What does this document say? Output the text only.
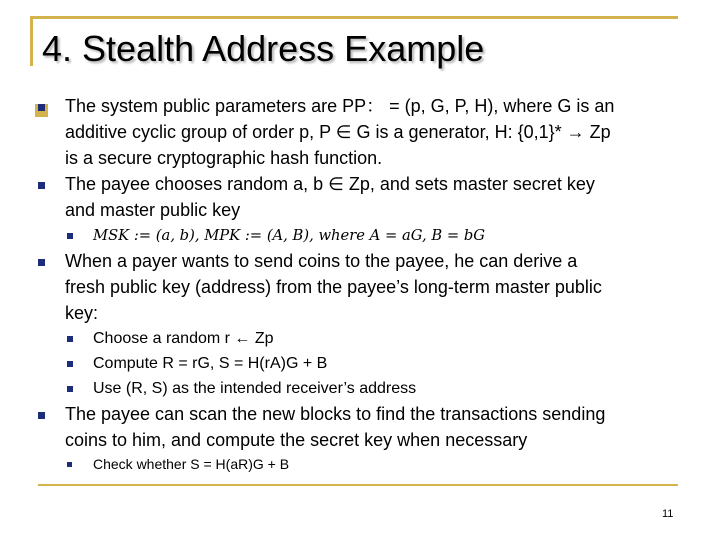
4. Stealth Address Example
The system public parameters are PP： = (p, G, P, H), where G is an
additive cyclic group of order p, P ∈ G is a generator, H: {0,1}* → Zp
is a secure cryptographic hash function.
The payee chooses random a, b ∈ Zp, and sets master secret key
and master public key
MSK := (a, b), MPK := (A, B), where A = aG, B = bG
When a payer wants to send coins to the payee, he can derive a
fresh public key (address) from the payee’s long-term master public
key:
Choose a random r ← Zp
Compute R = rG, S = H(rA)G + B
Use (R, S) as the intended receiver’s address
The payee can scan the new blocks to find the transactions sending
coins to him, and compute the secret key when necessary
Check whether S = H(aR)G + B
11
